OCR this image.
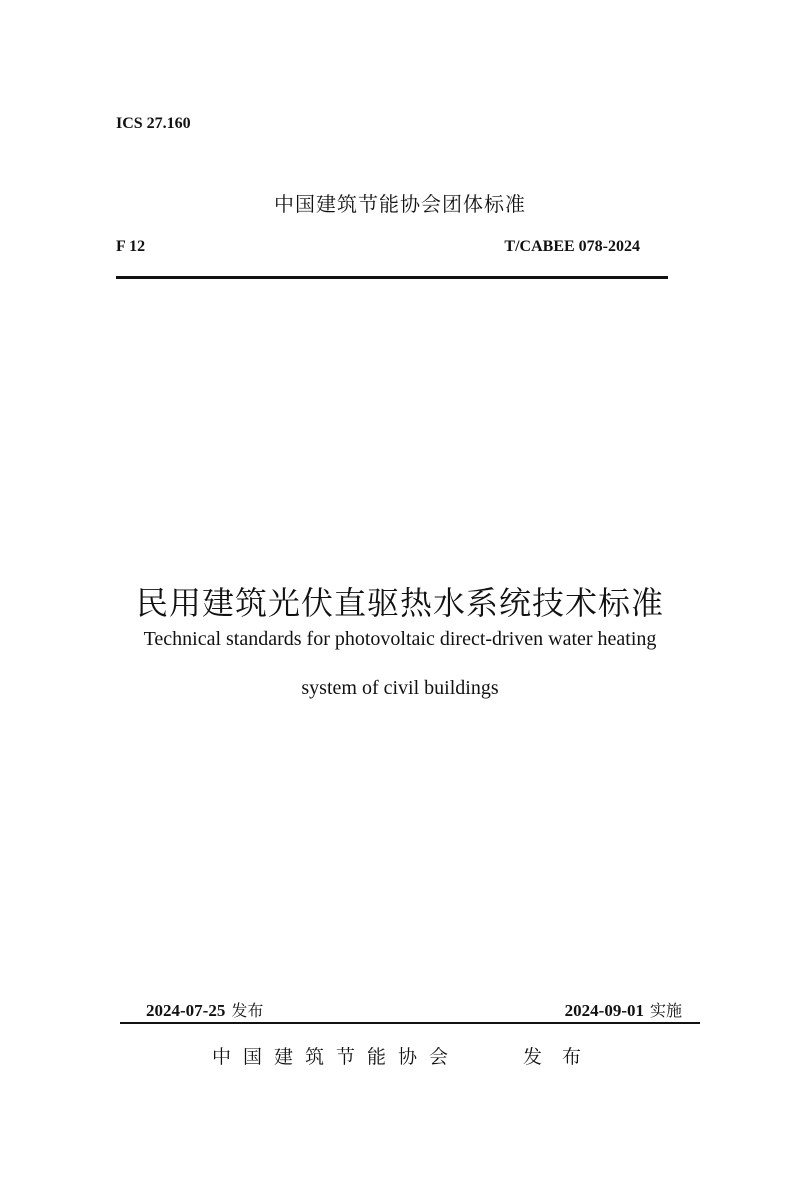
ICS 27.160
中国建筑节能协会团体标准
F 12	T/CABEE 078-2024
民用建筑光伏直驱热水系统技术标准
Technical standards for photovoltaic direct-driven water heating
system of civil buildings
2024-07-25 发布	2024-09-01 实施
中国建筑节能协会	发布
